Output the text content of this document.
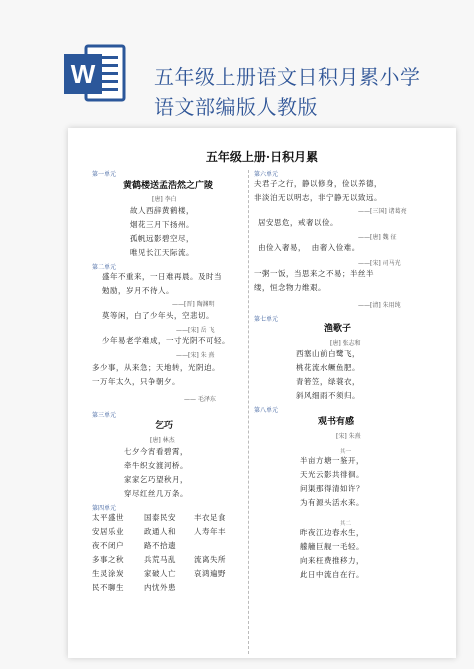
W	五年级上册语文日积月累小学
语文部编版人教版
五年级上册·日积月累
第一单元
黄鹤楼送孟浩然之广陵
[唐] 李白
故人西辞黄鹤楼，
烟花三月下扬州。
孤帆远影碧空尽，
唯见长江天际流。
第二单元
盛年不重来，一日难再晨。及时当
勉励，岁月不待人。
——[晋] 陶渊明
莫等闲，白了少年头，空悲切。
——[宋] 岳 飞
少年易老学难成，一寸光阴不可轻。
——[宋] 朱 熹
多少事，从来急；天地转，光阴迫。
一万年太久，只争朝夕。
—— 毛泽东
第三单元
乞巧
[唐] 林杰
七夕今宵看碧霄，
牵牛织女渡河桥。
家家乞巧望秋月，
穿尽红丝几万条。
第四单元
太平盛世
安居乐业
夜不闭户
多事之秋
生灵涂炭
民不聊生
国泰民安
政通人和
路不拾遗
兵荒马乱
家破人亡
内忧外患
丰衣足食
人寿年丰

流离失所
哀鸿遍野
第六单元
夫君子之行，静以修身，俭以养德，
非淡泊无以明志，非宁静无以致远。
——[三国] 诸葛亮
居安思危，戒奢以俭。
——[唐] 魏 征
由俭入奢易，  由奢入俭难。
——[宋] 司马光
一粥一饭，当思来之不易；半丝半
缕，恒念物力维艰。
——[清] 朱用纯
第七单元
渔歌子
[唐] 张志和
西塞山前白鹭飞，
桃花流水鳜鱼肥。
青箬笠，绿蓑衣，
斜风细雨不须归。
第八单元
观书有感
[宋] 朱熹
其一
半亩方塘一鉴开，
天光云影共徘徊。
问渠那得清如许？
为有源头活水来。
其二
昨夜江边春水生，
艨艟巨舰一毛轻。
向来枉费推移力，
此日中流自在行。
